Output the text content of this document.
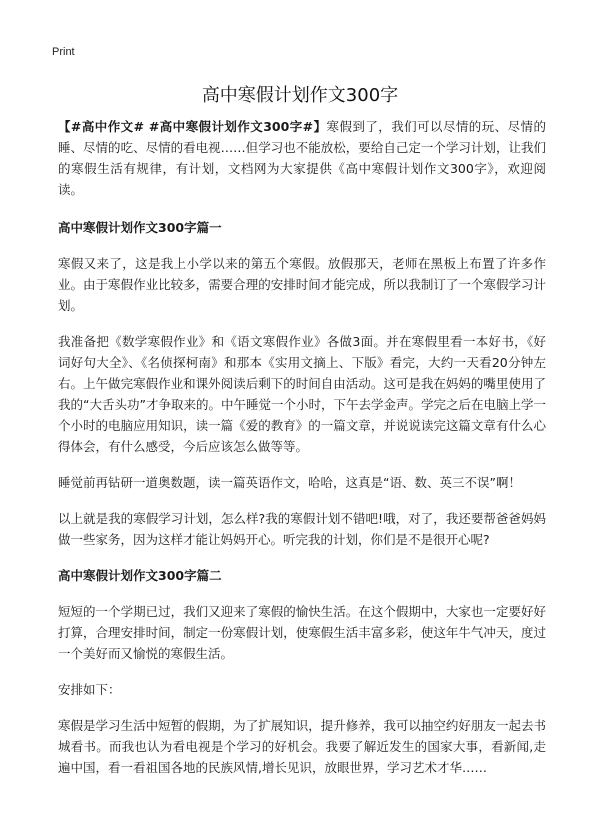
Print
高中寒假计划作文300字

【#高中作文# #高中寒假计划作文300字#】寒假到了，我们可以尽情的玩、尽情的睡、尽情的吃、尽情的看电视……但学习也不能放松，要给自己定一个学习计划，让我们的寒假生活有规律，有计划，文档网为大家提供《高中寒假计划作文300字》，欢迎阅读。

高中寒假计划作文300字篇一

寒假又来了，这是我上小学以来的第五个寒假。放假那天，老师在黑板上布置了许多作业。由于寒假作业比较多，需要合理的安排时间才能完成，所以我制订了一个寒假学习计划。

我准备把《数学寒假作业》和《语文寒假作业》各做3面。并在寒假里看一本好书，《好词好句大全》、《名侦探柯南》和那本《实用文摘上、下版》看完，大约一天看20分钟左右。上午做完寒假作业和课外阅读后剩下的时间自由活动。这可是我在妈妈的嘴里使用了我的“大舌头功”才争取来的。中午睡觉一个小时，下午去学金声。学完之后在电脑上学一个小时的电脑应用知识，读一篇《爱的教育》的一篇文章，并说说读完这篇文章有什么心得体会，有什么感受，今后应该怎么做等等。

睡觉前再钻研一道奥数题，读一篇英语作文，哈哈，这真是“语、数、英三不误”啊！

以上就是我的寒假学习计划，怎么样?我的寒假计划不错吧!哦，对了，我还要帮爸爸妈妈做一些家务，因为这样才能让妈妈开心。听完我的计划，你们是不是很开心呢?

高中寒假计划作文300字篇二

短短的一个学期已过，我们又迎来了寒假的愉快生活。在这个假期中，大家也一定要好好打算，合理安排时间，制定一份寒假计划，使寒假生活丰富多彩，使这年牛气冲天，度过一个美好而又愉悦的寒假生活。

安排如下：

寒假是学习生活中短暂的假期，为了扩展知识，提升修养，我可以抽空约好朋友一起去书城看书。而我也认为看电视是个学习的好机会。我要了解近发生的国家大事，看新闻,走遍中国，看一看祖国各地的民族风情,增长见识，放眼世界，学习艺术才华……
